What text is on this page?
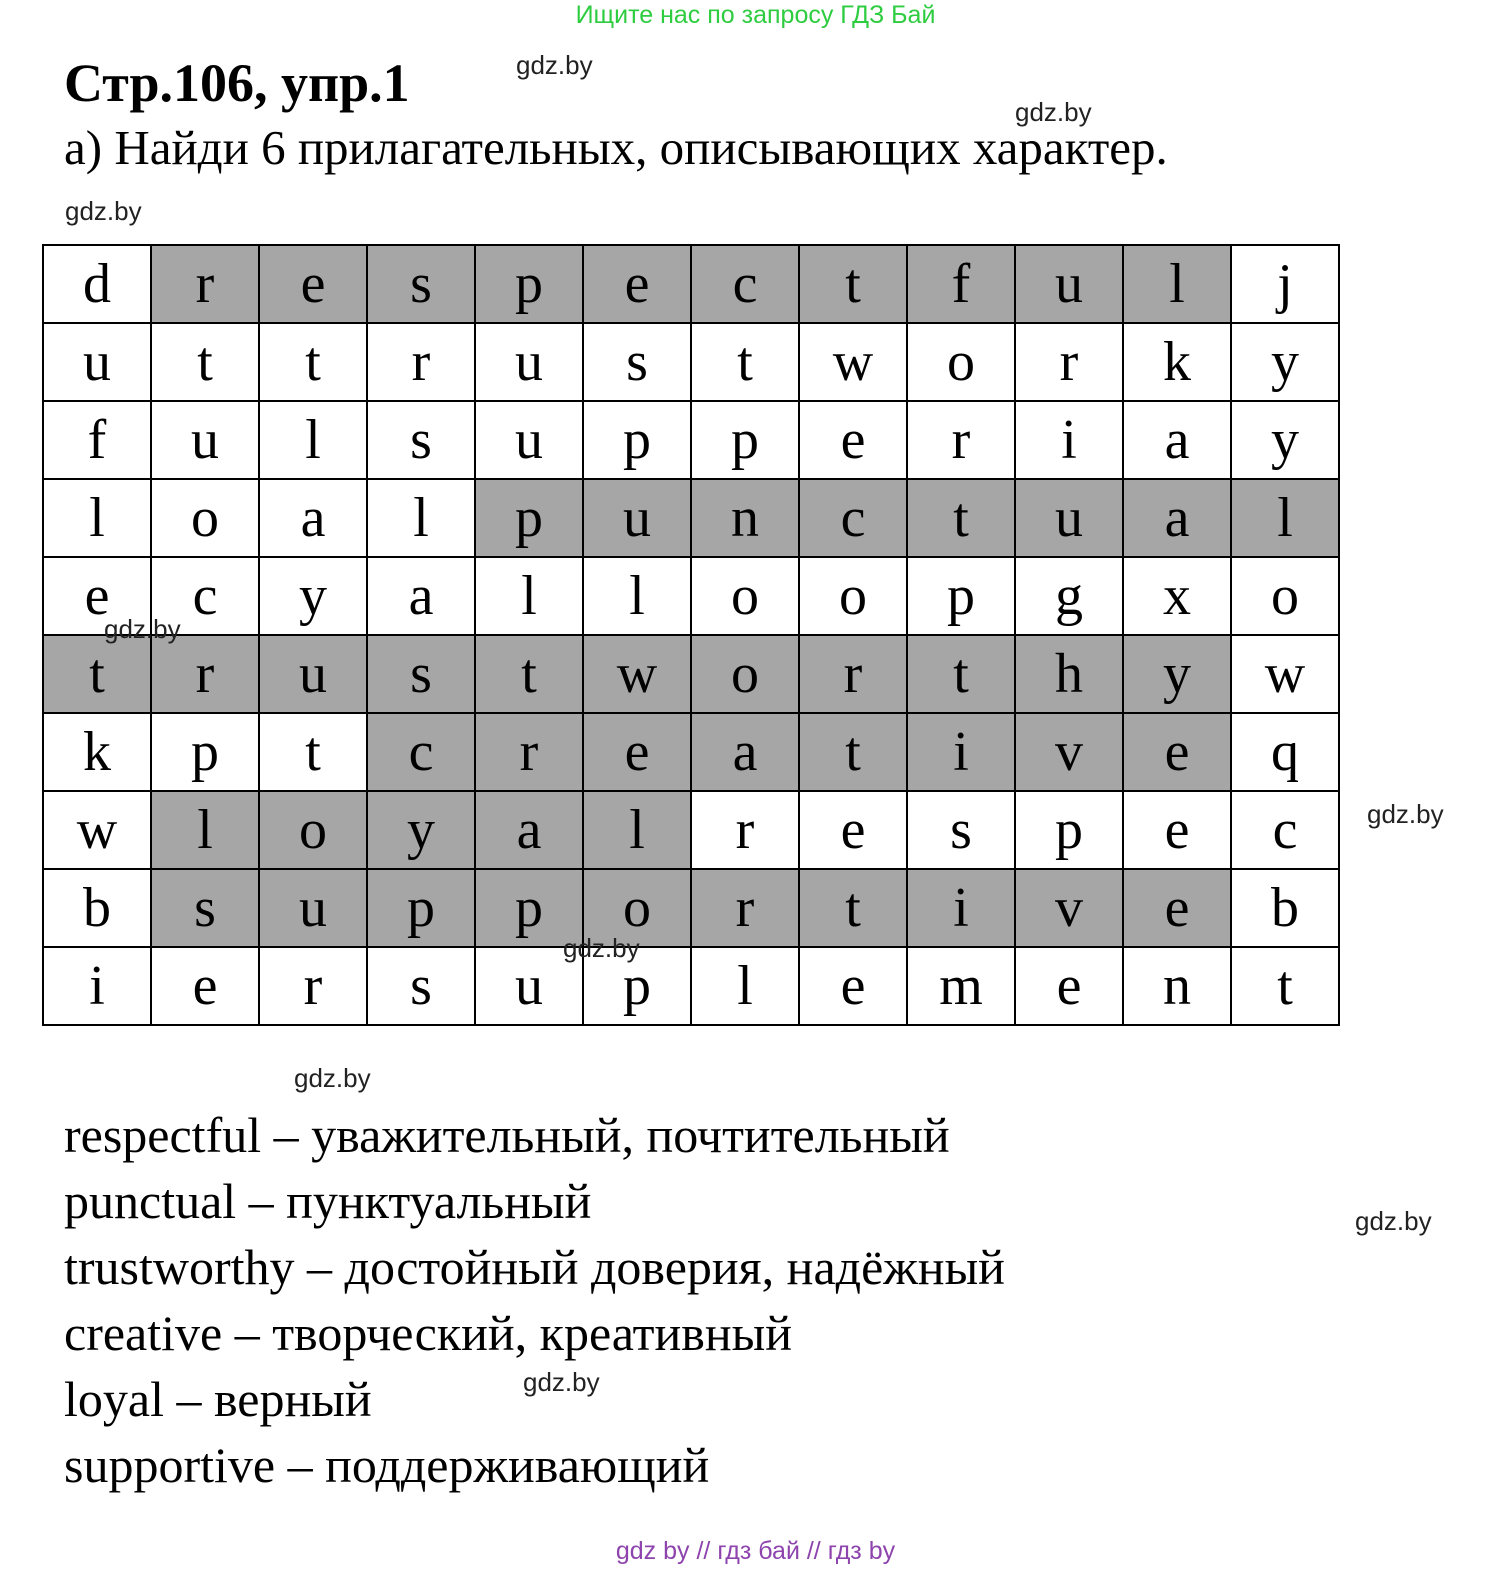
Ищите нас по запросу ГДЗ Бай
Стр.106, упр.1
а) Найди 6 прилагательных, описывающих характер.
gdz.by
gdz.by
gdz.by
d	r	e	s	p	e	c	t	f	u	l	j
u	t	t	r	u	s	t	w	o	r	k	y
f	u	l	s	u	p	p	e	r	i	a	y
l	o	a	l	p	u	n	c	t	u	a	l
e	c	y	a	l	l	o	o	p	g	x	o
t	r	u	s	t	w	o	r	t	h	y	w
k	p	t	c	r	e	a	t	i	v	e	q
w	l	o	y	a	l	r	e	s	p	e	c
b	s	u	p	p	o	r	t	i	v	e	b
i	e	r	s	u	p	l	e	m	e	n	t
gdz.by
gdz.by
gdz.by
gdz.by
gdz.by
gdz.by
respectful – уважительный, почтительный
punctual – пунктуальный
trustworthy – достойный доверия, надёжный
creative – творческий, креативный
loyal – верный
supportive – поддерживающий
gdz by // гдз бай // гдз by
